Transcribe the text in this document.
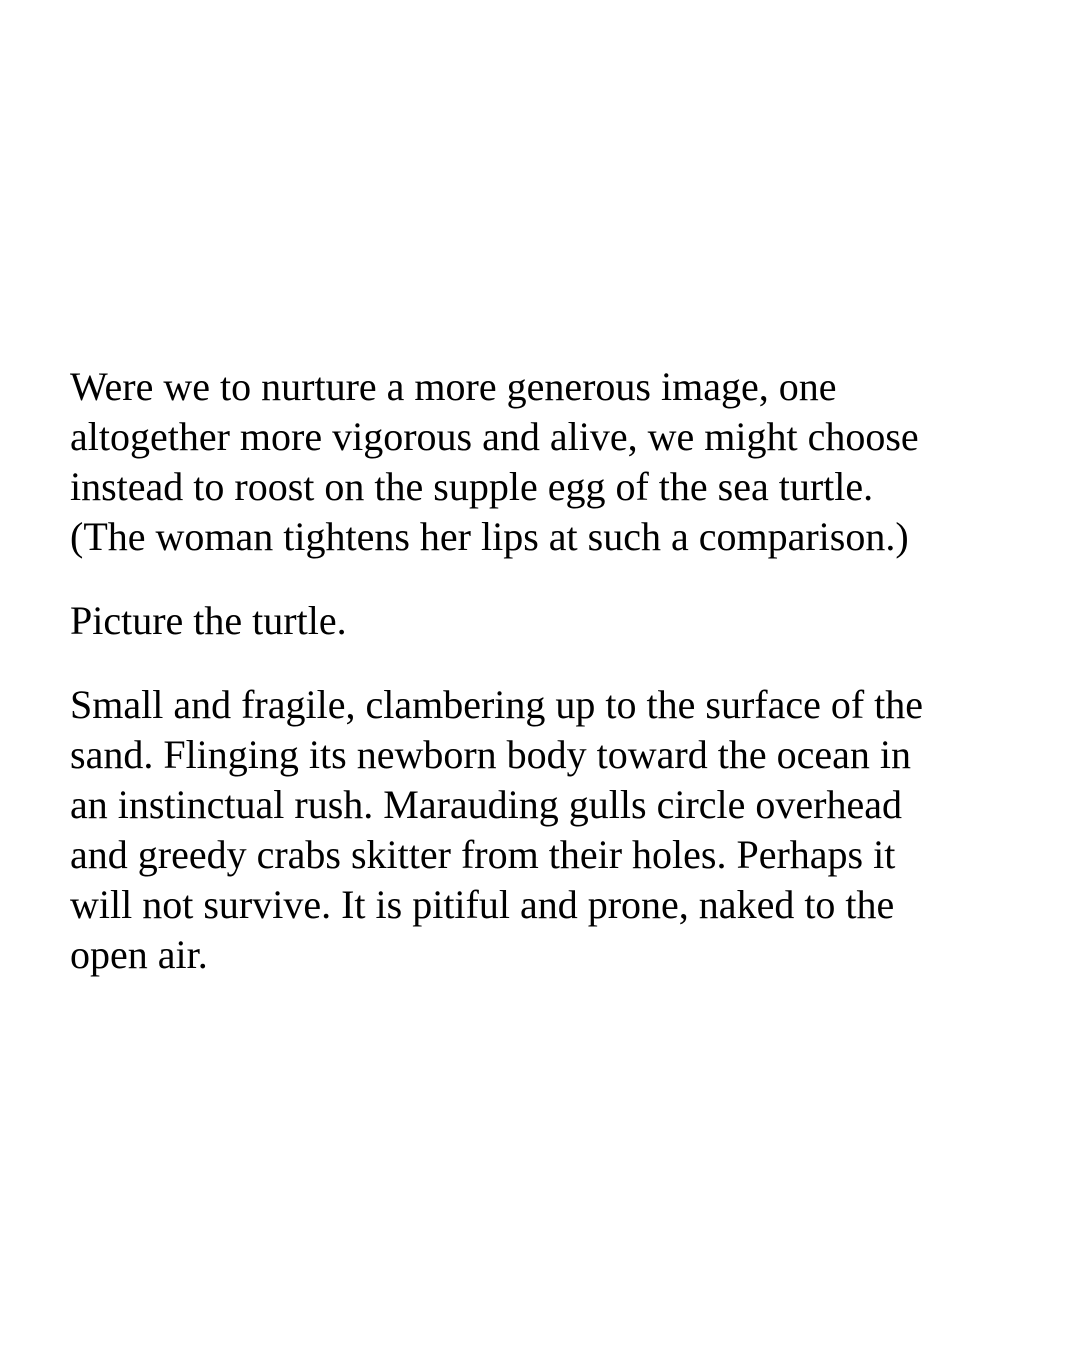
Were we to nurture a more generous image, one
altogether more vigorous and alive, we might choose
instead to roost on the supple egg of the sea turtle.
(The woman tightens her lips at such a comparison.)

Picture the turtle.

Small and fragile, clambering up to the surface of the
sand. Flinging its newborn body toward the ocean in
an instinctual rush. Marauding gulls circle overhead
and greedy crabs skitter from their holes. Perhaps it
will not survive. It is pitiful and prone, naked to the
open air.
